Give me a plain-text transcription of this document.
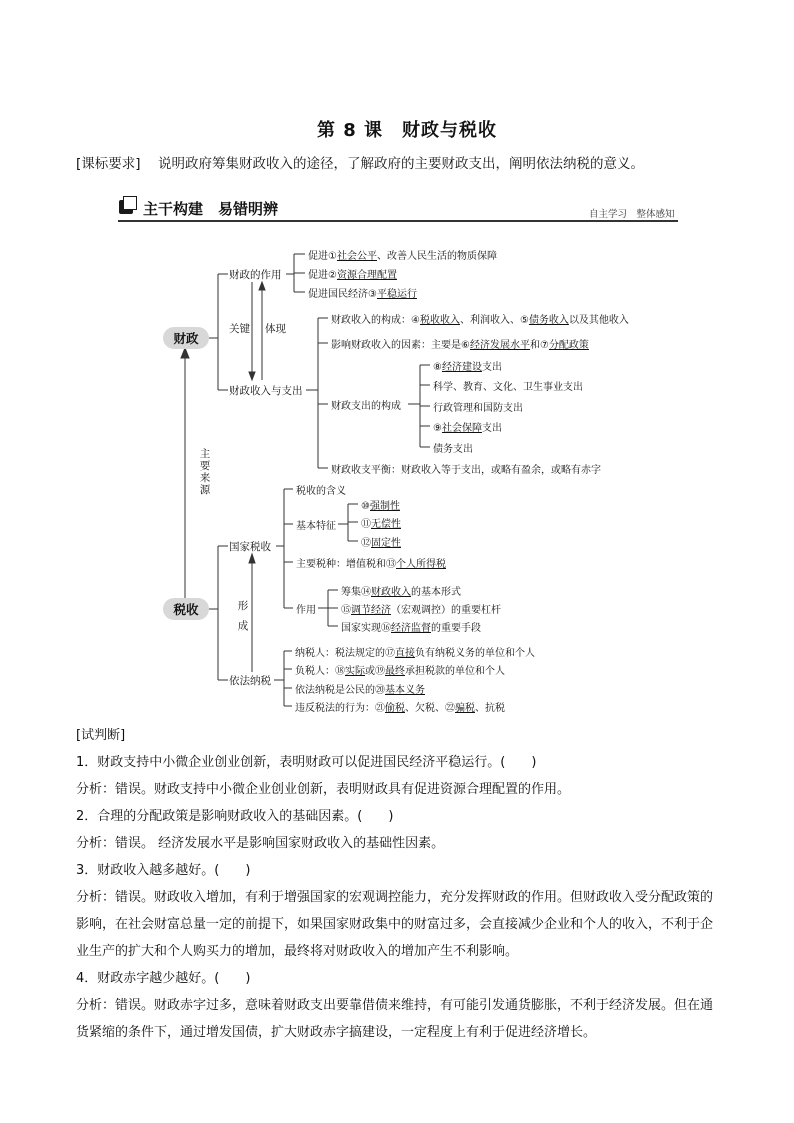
第 8 课　财政与税收
[课标要求] 说明政府筹集财政收入的途径，了解政府的主要财政支出，阐明依法纳税的意义。
主干构建　易错明辨	自主学习　整体感知
财政
税收
主要来源
关键 体现
形成
财政的作用
促进①社会公平、改善人民生活的物质保障
促进②资源合理配置
促进国民经济③平稳运行
财政收入与支出
财政收入的构成：④税收收入、利润收入、⑤债务收入以及其他收入
影响财政收入的因素：主要是⑥经济发展水平和⑦分配政策
财政支出的构成
⑧经济建设支出
科学、教育、文化、卫生事业支出
行政管理和国防支出
⑨社会保障支出
债务支出
财政收支平衡：财政收入等于支出，或略有盈余，或略有赤字
国家税收
税收的含义
基本特征
⑩强制性
⑪无偿性
⑫固定性
主要税种：增值税和⑬个人所得税
作用
筹集⑭财政收入的基本形式
⑮调节经济（宏观调控）的重要杠杆
国家实现⑯经济监督的重要手段
依法纳税
纳税人：税法规定的⑰直接负有纳税义务的单位和个人
负税人：⑱实际或⑲最终承担税款的单位和个人
依法纳税是公民的⑳基本义务
违反税法的行为：㉑偷税、欠税、㉒骗税、抗税
[试判断]
1．财政支持中小微企业创业创新，表明财政可以促进国民经济平稳运行。(　　)
分析：错误。财政支持中小微企业创业创新，表明财政具有促进资源合理配置的作用。
2．合理的分配政策是影响财政收入的基础因素。(　　)
分析：错误。 经济发展水平是影响国家财政收入的基础性因素。
3．财政收入越多越好。(　　)
分析：错误。财政收入增加，有利于增强国家的宏观调控能力，充分发挥财政的作用。但财政收入受分配政策的影响，在社会财富总量一定的前提下，如果国家财政集中的财富过多，会直接减少企业和个人的收入，不利于企业生产的扩大和个人购买力的增加，最终将对财政收入的增加产生不利影响。
4．财政赤字越少越好。(　　)
分析：错误。财政赤字过多，意味着财政支出要靠借债来维持，有可能引发通货膨胀，不利于经济发展。但在通货紧缩的条件下，通过增发国债，扩大财政赤字搞建设，一定程度上有利于促进经济增长。
